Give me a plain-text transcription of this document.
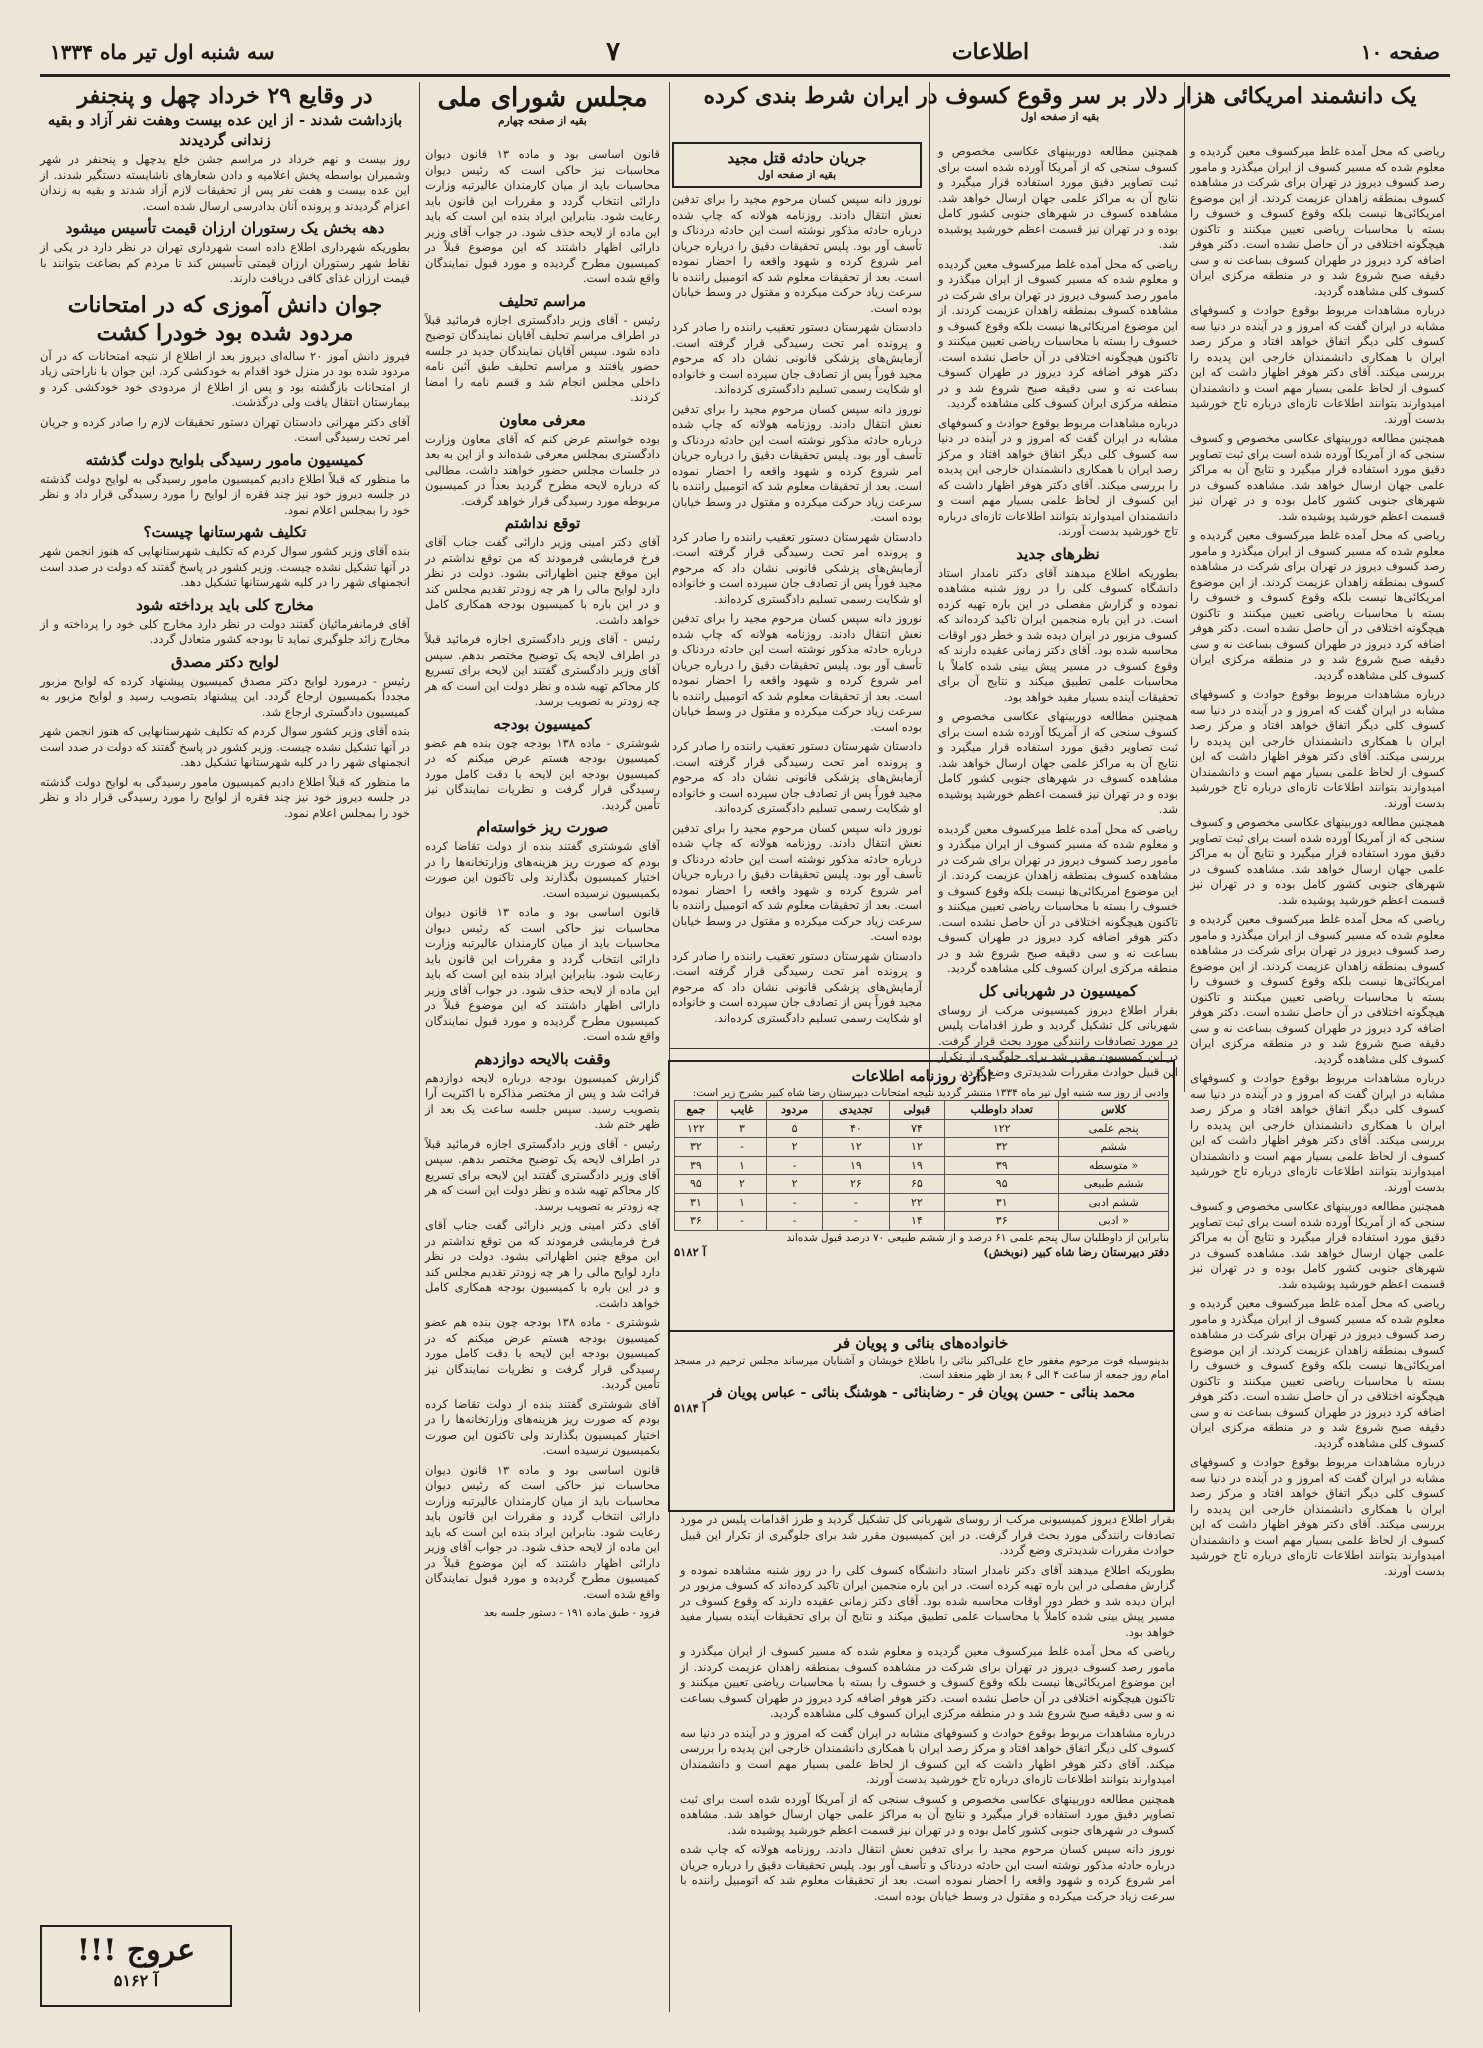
صفحه ۱۰
اطلاعات
۷
سه شنبه اول تیر ماه ۱۳۳۴
یک دانشمند امریکائی هزار دلار بر سر وقوع کسوف در ایران شرط بندی کرده
بقیه از صفحه اول

ریاضی که محل آمده غلط میرکسوف معین گردیده و معلوم شده که مسیر کسوف از ایران میگذرد و مامور رصد کسوف دیروز در تهران برای شرکت در مشاهده کسوف بمنطقه زاهدان عزیمت کردند. از این موضوع امریکائی‌ها نیست بلکه وقوع کسوف و خسوف را بسته با محاسبات ریاضی تعیین میکنند و تاکنون هیچگونه اختلافی در آن حاصل نشده است. دکتر هوفر اضافه کرد دیروز در طهران کسوف بساعت نه و سی دقیقه صبح شروع شد و در منطقه مرکزی ایران کسوف کلی مشاهده گردید.

درباره مشاهدات مربوط بوقوع حوادث و کسوفهای مشابه در ایران گفت که امروز و در آینده در دنیا سه کسوف کلی دیگر اتفاق خواهد افتاد و مرکز رصد ایران با همکاری دانشمندان خارجی این پدیده را بررسی میکند. آقای دکتر هوفر اظهار داشت که این کسوف از لحاظ علمی بسیار مهم است و دانشمندان امیدوارند بتوانند اطلاعات تازه‌ای درباره تاج خورشید بدست آورند.

همچنین مطالعه دوربینهای عکاسی مخصوص و کسوف سنجی که از آمریکا آورده شده است برای ثبت تصاویر دقیق مورد استفاده قرار میگیرد و نتایج آن به مراکز علمی جهان ارسال خواهد شد. مشاهده کسوف در شهرهای جنوبی کشور کامل بوده و در تهران نیز قسمت اعظم خورشید پوشیده شد.

ریاضی که محل آمده غلط میرکسوف معین گردیده و معلوم شده که مسیر کسوف از ایران میگذرد و مامور رصد کسوف دیروز در تهران برای شرکت در مشاهده کسوف بمنطقه زاهدان عزیمت کردند. از این موضوع امریکائی‌ها نیست بلکه وقوع کسوف و خسوف را بسته با محاسبات ریاضی تعیین میکنند و تاکنون هیچگونه اختلافی در آن حاصل نشده است. دکتر هوفر اضافه کرد دیروز در طهران کسوف بساعت نه و سی دقیقه صبح شروع شد و در منطقه مرکزی ایران کسوف کلی مشاهده گردید.

درباره مشاهدات مربوط بوقوع حوادث و کسوفهای مشابه در ایران گفت که امروز و در آینده در دنیا سه کسوف کلی دیگر اتفاق خواهد افتاد و مرکز رصد ایران با همکاری دانشمندان خارجی این پدیده را بررسی میکند. آقای دکتر هوفر اظهار داشت که این کسوف از لحاظ علمی بسیار مهم است و دانشمندان امیدوارند بتوانند اطلاعات تازه‌ای درباره تاج خورشید بدست آورند.

همچنین مطالعه دوربینهای عکاسی مخصوص و کسوف سنجی که از آمریکا آورده شده است برای ثبت تصاویر دقیق مورد استفاده قرار میگیرد و نتایج آن به مراکز علمی جهان ارسال خواهد شد. مشاهده کسوف در شهرهای جنوبی کشور کامل بوده و در تهران نیز قسمت اعظم خورشید پوشیده شد.

ریاضی که محل آمده غلط میرکسوف معین گردیده و معلوم شده که مسیر کسوف از ایران میگذرد و مامور رصد کسوف دیروز در تهران برای شرکت در مشاهده کسوف بمنطقه زاهدان عزیمت کردند. از این موضوع امریکائی‌ها نیست بلکه وقوع کسوف و خسوف را بسته با محاسبات ریاضی تعیین میکنند و تاکنون هیچگونه اختلافی در آن حاصل نشده است. دکتر هوفر اضافه کرد دیروز در طهران کسوف بساعت نه و سی دقیقه صبح شروع شد و در منطقه مرکزی ایران کسوف کلی مشاهده گردید.

درباره مشاهدات مربوط بوقوع حوادث و کسوفهای مشابه در ایران گفت که امروز و در آینده در دنیا سه کسوف کلی دیگر اتفاق خواهد افتاد و مرکز رصد ایران با همکاری دانشمندان خارجی این پدیده را بررسی میکند. آقای دکتر هوفر اظهار داشت که این کسوف از لحاظ علمی بسیار مهم است و دانشمندان امیدوارند بتوانند اطلاعات تازه‌ای درباره تاج خورشید بدست آورند.

همچنین مطالعه دوربینهای عکاسی مخصوص و کسوف سنجی که از آمریکا آورده شده است برای ثبت تصاویر دقیق مورد استفاده قرار میگیرد و نتایج آن به مراکز علمی جهان ارسال خواهد شد. مشاهده کسوف در شهرهای جنوبی کشور کامل بوده و در تهران نیز قسمت اعظم خورشید پوشیده شد.

ریاضی که محل آمده غلط میرکسوف معین گردیده و معلوم شده که مسیر کسوف از ایران میگذرد و مامور رصد کسوف دیروز در تهران برای شرکت در مشاهده کسوف بمنطقه زاهدان عزیمت کردند. از این موضوع امریکائی‌ها نیست بلکه وقوع کسوف و خسوف را بسته با محاسبات ریاضی تعیین میکنند و تاکنون هیچگونه اختلافی در آن حاصل نشده است. دکتر هوفر اضافه کرد دیروز در طهران کسوف بساعت نه و سی دقیقه صبح شروع شد و در منطقه مرکزی ایران کسوف کلی مشاهده گردید.

درباره مشاهدات مربوط بوقوع حوادث و کسوفهای مشابه در ایران گفت که امروز و در آینده در دنیا سه کسوف کلی دیگر اتفاق خواهد افتاد و مرکز رصد ایران با همکاری دانشمندان خارجی این پدیده را بررسی میکند. آقای دکتر هوفر اظهار داشت که این کسوف از لحاظ علمی بسیار مهم است و دانشمندان امیدوارند بتوانند اطلاعات تازه‌ای درباره تاج خورشید بدست آورند.

همچنین مطالعه دوربینهای عکاسی مخصوص و کسوف سنجی که از آمریکا آورده شده است برای ثبت تصاویر دقیق مورد استفاده قرار میگیرد و نتایج آن به مراکز علمی جهان ارسال خواهد شد. مشاهده کسوف در شهرهای جنوبی کشور کامل بوده و در تهران نیز قسمت اعظم خورشید پوشیده شد.

ریاضی که محل آمده غلط میرکسوف معین گردیده و معلوم شده که مسیر کسوف از ایران میگذرد و مامور رصد کسوف دیروز در تهران برای شرکت در مشاهده کسوف بمنطقه زاهدان عزیمت کردند. از این موضوع امریکائی‌ها نیست بلکه وقوع کسوف و خسوف را بسته با محاسبات ریاضی تعیین میکنند و تاکنون هیچگونه اختلافی در آن حاصل نشده است. دکتر هوفر اضافه کرد دیروز در طهران کسوف بساعت نه و سی دقیقه صبح شروع شد و در منطقه مرکزی ایران کسوف کلی مشاهده گردید.

درباره مشاهدات مربوط بوقوع حوادث و کسوفهای مشابه در ایران گفت که امروز و در آینده در دنیا سه کسوف کلی دیگر اتفاق خواهد افتاد و مرکز رصد ایران با همکاری دانشمندان خارجی این پدیده را بررسی میکند. آقای دکتر هوفر اظهار داشت که این کسوف از لحاظ علمی بسیار مهم است و دانشمندان امیدوارند بتوانند اطلاعات تازه‌ای درباره تاج خورشید بدست آورند.

نظرهای جدید

بطوریکه اطلاع میدهند آقای دکتر نامدار استاد دانشگاه کسوف کلی را در روز شنبه مشاهده نموده و گزارش مفصلی در این باره تهیه کرده است. در این باره منجمین ایران تاکید کرده‌اند که کسوف مزبور در ایران دیده شد و خطر دور اوقات محاسبه شده بود. آقای دکتر زمانی عقیده دارند که وقوع کسوف در مسیر پیش بینی شده کاملاً با محاسبات علمی تطبیق میکند و نتایج آن برای تحقیقات آینده بسیار مفید خواهد بود.

همچنین مطالعه دوربینهای عکاسی مخصوص و کسوف سنجی که از آمریکا آورده شده است برای ثبت تصاویر دقیق مورد استفاده قرار میگیرد و نتایج آن به مراکز علمی جهان ارسال خواهد شد. مشاهده کسوف در شهرهای جنوبی کشور کامل بوده و در تهران نیز قسمت اعظم خورشید پوشیده شد.

ریاضی که محل آمده غلط میرکسوف معین گردیده و معلوم شده که مسیر کسوف از ایران میگذرد و مامور رصد کسوف دیروز در تهران برای شرکت در مشاهده کسوف بمنطقه زاهدان عزیمت کردند. از این موضوع امریکائی‌ها نیست بلکه وقوع کسوف و خسوف را بسته با محاسبات ریاضی تعیین میکنند و تاکنون هیچگونه اختلافی در آن حاصل نشده است. دکتر هوفر اضافه کرد دیروز در طهران کسوف بساعت نه و سی دقیقه صبح شروع شد و در منطقه مرکزی ایران کسوف کلی مشاهده گردید.

کمیسیون در شهربانی کل

بقرار اطلاع دیروز کمیسیونی مرکب از روسای شهربانی کل تشکیل گردید و طرز اقدامات پلیس در مورد تصادفات رانندگی مورد بحث قرار گرفت. در این کمیسیون مقرر شد برای جلوگیری از تکرار این قبیل حوادث مقررات شدیدتری وضع گردد.

جریان حادثه قتل مجید
بقیه از صفحه اول

نوروز دانه سپس کسان مرحوم مجید را برای تدفین نعش انتقال دادند. روزنامه هولانه که چاپ شده درباره حادثه مذکور نوشته است این حادثه دردناک و تأسف آور بود. پلیس تحقیقات دقیق را درباره جریان امر شروع کرده و شهود واقعه را احضار نموده است. بعد از تحقیقات معلوم شد که اتومبیل راننده با سرعت زیاد حرکت میکرده و مقتول در وسط خیابان بوده است.

دادستان شهرستان دستور تعقیب راننده را صادر کرد و پرونده امر تحت رسیدگی قرار گرفته است. آزمایش‌های پزشکی قانونی نشان داد که مرحوم مجید فوراً پس از تصادف جان سپرده است و خانواده او شکایت رسمی تسلیم دادگستری کرده‌اند.

نوروز دانه سپس کسان مرحوم مجید را برای تدفین نعش انتقال دادند. روزنامه هولانه که چاپ شده درباره حادثه مذکور نوشته است این حادثه دردناک و تأسف آور بود. پلیس تحقیقات دقیق را درباره جریان امر شروع کرده و شهود واقعه را احضار نموده است. بعد از تحقیقات معلوم شد که اتومبیل راننده با سرعت زیاد حرکت میکرده و مقتول در وسط خیابان بوده است.

دادستان شهرستان دستور تعقیب راننده را صادر کرد و پرونده امر تحت رسیدگی قرار گرفته است. آزمایش‌های پزشکی قانونی نشان داد که مرحوم مجید فوراً پس از تصادف جان سپرده است و خانواده او شکایت رسمی تسلیم دادگستری کرده‌اند.

نوروز دانه سپس کسان مرحوم مجید را برای تدفین نعش انتقال دادند. روزنامه هولانه که چاپ شده درباره حادثه مذکور نوشته است این حادثه دردناک و تأسف آور بود. پلیس تحقیقات دقیق را درباره جریان امر شروع کرده و شهود واقعه را احضار نموده است. بعد از تحقیقات معلوم شد که اتومبیل راننده با سرعت زیاد حرکت میکرده و مقتول در وسط خیابان بوده است.

دادستان شهرستان دستور تعقیب راننده را صادر کرد و پرونده امر تحت رسیدگی قرار گرفته است. آزمایش‌های پزشکی قانونی نشان داد که مرحوم مجید فوراً پس از تصادف جان سپرده است و خانواده او شکایت رسمی تسلیم دادگستری کرده‌اند.

نوروز دانه سپس کسان مرحوم مجید را برای تدفین نعش انتقال دادند. روزنامه هولانه که چاپ شده درباره حادثه مذکور نوشته است این حادثه دردناک و تأسف آور بود. پلیس تحقیقات دقیق را درباره جریان امر شروع کرده و شهود واقعه را احضار نموده است. بعد از تحقیقات معلوم شد که اتومبیل راننده با سرعت زیاد حرکت میکرده و مقتول در وسط خیابان بوده است.

دادستان شهرستان دستور تعقیب راننده را صادر کرد و پرونده امر تحت رسیدگی قرار گرفته است. آزمایش‌های پزشکی قانونی نشان داد که مرحوم مجید فوراً پس از تصادف جان سپرده است و خانواده او شکایت رسمی تسلیم دادگستری کرده‌اند.

اداره روزنامه اطلاعات
وادبی از روز سه شنبه اول تیر ماه ۱۳۳۴ منتشر گردید نتیجه امتحانات دبیرستان رضا شاه کبیر بشرح زیر است:
کلاس	تعداد داوطلب	قبولی	تجدیدی	مردود	غایب	جمع
پنجم علمی	۱۲۲	۷۴	۴۰	۵	۳	۱۲۲
ششم	۳۲	۱۲	۱۲	۲	-	۳۲
« متوسطه	۳۹	۱۹	۱۹	-	۱	۳۹
ششم طبیعی	۹۵	۶۵	۲۶	۲	۲	۹۵
ششم ادبی	۳۱	۲۲	-	-	۱	۳۱
« ادبی	۳۶	۱۴	-	-	-	۳۶
بنابراین از داوطلبان سال پنجم علمی ۶۱ درصد و از ششم طبیعی ۷۰ درصد قبول شده‌اند
دفتر دبیرستان رضا شاه کبیر (نوبخش)
آ ۵۱۸۲
خانواده‌های بنائی و پویان فر

بدینوسیله فوت مرحوم مغفور حاج علی‌اکبر بنائی را باطلاع خویشان و آشنایان میرساند مجلس ترحیم در مسجد امام روز جمعه از ساعت ۴ الی ۶ بعد از ظهر منعقد است.

محمد بنائی - حسن پویان فر - رضابنائی - هوشنگ بنائی - عباس پویان فر
آ ۵۱۸۴

بقرار اطلاع دیروز کمیسیونی مرکب از روسای شهربانی کل تشکیل گردید و طرز اقدامات پلیس در مورد تصادفات رانندگی مورد بحث قرار گرفت. در این کمیسیون مقرر شد برای جلوگیری از تکرار این قبیل حوادث مقررات شدیدتری وضع گردد.

بطوریکه اطلاع میدهند آقای دکتر نامدار استاد دانشگاه کسوف کلی را در روز شنبه مشاهده نموده و گزارش مفصلی در این باره تهیه کرده است. در این باره منجمین ایران تاکید کرده‌اند که کسوف مزبور در ایران دیده شد و خطر دور اوقات محاسبه شده بود. آقای دکتر زمانی عقیده دارند که وقوع کسوف در مسیر پیش بینی شده کاملاً با محاسبات علمی تطبیق میکند و نتایج آن برای تحقیقات آینده بسیار مفید خواهد بود.

ریاضی که محل آمده غلط میرکسوف معین گردیده و معلوم شده که مسیر کسوف از ایران میگذرد و مامور رصد کسوف دیروز در تهران برای شرکت در مشاهده کسوف بمنطقه زاهدان عزیمت کردند. از این موضوع امریکائی‌ها نیست بلکه وقوع کسوف و خسوف را بسته با محاسبات ریاضی تعیین میکنند و تاکنون هیچگونه اختلافی در آن حاصل نشده است. دکتر هوفر اضافه کرد دیروز در طهران کسوف بساعت نه و سی دقیقه صبح شروع شد و در منطقه مرکزی ایران کسوف کلی مشاهده گردید.

درباره مشاهدات مربوط بوقوع حوادث و کسوفهای مشابه در ایران گفت که امروز و در آینده در دنیا سه کسوف کلی دیگر اتفاق خواهد افتاد و مرکز رصد ایران با همکاری دانشمندان خارجی این پدیده را بررسی میکند. آقای دکتر هوفر اظهار داشت که این کسوف از لحاظ علمی بسیار مهم است و دانشمندان امیدوارند بتوانند اطلاعات تازه‌ای درباره تاج خورشید بدست آورند.

همچنین مطالعه دوربینهای عکاسی مخصوص و کسوف سنجی که از آمریکا آورده شده است برای ثبت تصاویر دقیق مورد استفاده قرار میگیرد و نتایج آن به مراکز علمی جهان ارسال خواهد شد. مشاهده کسوف در شهرهای جنوبی کشور کامل بوده و در تهران نیز قسمت اعظم خورشید پوشیده شد.

نوروز دانه سپس کسان مرحوم مجید را برای تدفین نعش انتقال دادند. روزنامه هولانه که چاپ شده درباره حادثه مذکور نوشته است این حادثه دردناک و تأسف آور بود. پلیس تحقیقات دقیق را درباره جریان امر شروع کرده و شهود واقعه را احضار نموده است. بعد از تحقیقات معلوم شد که اتومبیل راننده با سرعت زیاد حرکت میکرده و مقتول در وسط خیابان بوده است.

مجلس شورای ملی
بقیه از صفحه چهارم

قانون اساسی بود و ماده ۱۳ قانون دیوان محاسبات نیز حاکی است که رئیس دیوان محاسبات باید از میان کارمندان عالیرتبه وزارت دارائی انتخاب گردد و مقررات این قانون باید رعایت شود. بنابراین ایراد بنده این است که باید این ماده از لایحه حذف شود. در جواب آقای وزیر دارائی اظهار داشتند که این موضوع قبلاً در کمیسیون مطرح گردیده و مورد قبول نمایندگان واقع شده است.

مراسم تحلیف

رئیس - آقای وزیر دادگستری اجازه فرمائید قبلاً در اطراف مراسم تحلیف آقایان نمایندگان توضیح داده شود. سپس آقایان نمایندگان جدید در جلسه حضور یافتند و مراسم تحلیف طبق آئین نامه داخلی مجلس انجام شد و قسم نامه را امضا کردند.

معرفی معاون

بوده خواستم عرض کنم که آقای معاون وزارت دادگستری بمجلس معرفی شده‌اند و از این به بعد در جلسات مجلس حضور خواهند داشت. مطالبی که درباره لایحه مطرح گردید بعداً در کمیسیون مربوطه مورد رسیدگی قرار خواهد گرفت.

توقع نداشتم

آقای دکتر امینی وزیر دارائی گفت جناب آقای فرخ فرمایشی فرمودند که من توقع نداشتم در این موقع چنین اظهاراتی بشود. دولت در نظر دارد لوایح مالی را هر چه زودتر تقدیم مجلس کند و در این باره با کمیسیون بودجه همکاری کامل خواهد داشت.

رئیس - آقای وزیر دادگستری اجازه فرمائید قبلاً در اطراف لایحه یک توضیح مختصر بدهم. سپس آقای وزیر دادگستری گفتند این لایحه برای تسریع کار محاکم تهیه شده و نظر دولت این است که هر چه زودتر به تصویب برسد.

کمیسیون بودجه

شوشتری - ماده ۱۳۸ بودجه چون بنده هم عضو کمیسیون بودجه هستم عرض میکنم که در کمیسیون بودجه این لایحه با دقت کامل مورد رسیدگی قرار گرفت و نظریات نمایندگان نیز تأمین گردید.

صورت ریز خواسته‌ام

آقای شوشتری گفتند بنده از دولت تقاضا کرده بودم که صورت ریز هزینه‌های وزارتخانه‌ها را در اختیار کمیسیون بگذارند ولی تاکنون این صورت بکمیسیون نرسیده است.

قانون اساسی بود و ماده ۱۳ قانون دیوان محاسبات نیز حاکی است که رئیس دیوان محاسبات باید از میان کارمندان عالیرتبه وزارت دارائی انتخاب گردد و مقررات این قانون باید رعایت شود. بنابراین ایراد بنده این است که باید این ماده از لایحه حذف شود. در جواب آقای وزیر دارائی اظهار داشتند که این موضوع قبلاً در کمیسیون مطرح گردیده و مورد قبول نمایندگان واقع شده است.

وقفت بالایحه دوازدهم

گزارش کمیسیون بودجه درباره لایحه دوازدهم قرائت شد و پس از مختصر مذاکره با اکثریت آرا بتصویب رسید. سپس جلسه ساعت یک بعد از ظهر ختم شد.

رئیس - آقای وزیر دادگستری اجازه فرمائید قبلاً در اطراف لایحه یک توضیح مختصر بدهم. سپس آقای وزیر دادگستری گفتند این لایحه برای تسریع کار محاکم تهیه شده و نظر دولت این است که هر چه زودتر به تصویب برسد.

آقای دکتر امینی وزیر دارائی گفت جناب آقای فرخ فرمایشی فرمودند که من توقع نداشتم در این موقع چنین اظهاراتی بشود. دولت در نظر دارد لوایح مالی را هر چه زودتر تقدیم مجلس کند و در این باره با کمیسیون بودجه همکاری کامل خواهد داشت.

شوشتری - ماده ۱۳۸ بودجه چون بنده هم عضو کمیسیون بودجه هستم عرض میکنم که در کمیسیون بودجه این لایحه با دقت کامل مورد رسیدگی قرار گرفت و نظریات نمایندگان نیز تأمین گردید.

آقای شوشتری گفتند بنده از دولت تقاضا کرده بودم که صورت ریز هزینه‌های وزارتخانه‌ها را در اختیار کمیسیون بگذارند ولی تاکنون این صورت بکمیسیون نرسیده است.

قانون اساسی بود و ماده ۱۳ قانون دیوان محاسبات نیز حاکی است که رئیس دیوان محاسبات باید از میان کارمندان عالیرتبه وزارت دارائی انتخاب گردد و مقررات این قانون باید رعایت شود. بنابراین ایراد بنده این است که باید این ماده از لایحه حذف شود. در جواب آقای وزیر دارائی اظهار داشتند که این موضوع قبلاً در کمیسیون مطرح گردیده و مورد قبول نمایندگان واقع شده است.

فرود - طبق ماده ۱۹۱ - دستور جلسه بعد
در وقایع ۲۹ خرداد چهل و پنجنفر
بازداشت شدند - از این عده بیست وهفت نفر آزاد و بقیه زندانی گردیدند

روز بیست و نهم خرداد در مراسم جشن خلع یدچهل و پنجنفر در شهر وشمیران بواسطه پخش اعلامیه و دادن شعارهای ناشایسته دستگیر شدند. از این عده بیست و هفت نفر پس از تحقیقات لازم آزاد شدند و بقیه به زندان اعزام گردیدند و پرونده آنان بدادرسی ارسال شده است.

دهه بخش یک رستوران ارزان قیمت تأسیس میشود

بطوریکه شهرداری اطلاع داده است شهرداری تهران در نظر دارد در یکی از نقاط شهر رستوران ارزان قیمتی تأسیس کند تا مردم کم بضاعت بتوانند با قیمت ارزان غذای کافی دریافت دارند.

جوان دانش آموزی که در امتحانات مردود شده بود خودرا کشت

فیروز دانش آموز ۲۰ ساله‌ای دیروز بعد از اطلاع از نتیجه امتحانات که در آن مردود شده بود در منزل خود اقدام به خودکشی کرد. این جوان با ناراحتی زیاد از امتحانات بازگشته بود و پس از اطلاع از مردودی خود خودکشی کرد و بیمارستان انتقال یافت ولی درگذشت.

آقای دکتر مهرانی دادستان تهران دستور تحقیقات لازم را صادر کرده و جریان امر تحت رسیدگی است.

کمیسیون مامور رسیدگی بلوایح دولت گذشته

ما منظور که قبلاً اطلاع دادیم کمیسیون مامور رسیدگی به لوایح دولت گذشته در جلسه دیروز خود نیز چند فقره از لوایح را مورد رسیدگی قرار داد و نظر خود را بمجلس اعلام نمود.

تکلیف شهرستانها چیست؟

بنده آقای وزیر کشور سوال کردم که تکلیف شهرستانهایی که هنوز انجمن شهر در آنها تشکیل نشده چیست. وزیر کشور در پاسخ گفتند که دولت در صدد است انجمنهای شهر را در کلیه شهرستانها تشکیل دهد.

مخارج کلی باید برداخته شود

آقای فرمانفرمائیان گفتند دولت در نظر دارد مخارج کلی خود را پرداخته و از مخارج زائد جلوگیری نماید تا بودجه کشور متعادل گردد.

لوایح دکتر مصدق

رئیس - درمورد لوایح دکتر مصدق کمیسیون پیشنهاد کرده که لوایح مزبور مجدداً بکمیسیون ارجاع گردد. این پیشنهاد بتصویب رسید و لوایح مزبور به کمیسیون دادگستری ارجاع شد.

بنده آقای وزیر کشور سوال کردم که تکلیف شهرستانهایی که هنوز انجمن شهر در آنها تشکیل نشده چیست. وزیر کشور در پاسخ گفتند که دولت در صدد است انجمنهای شهر را در کلیه شهرستانها تشکیل دهد.

ما منظور که قبلاً اطلاع دادیم کمیسیون مامور رسیدگی به لوایح دولت گذشته در جلسه دیروز خود نیز چند فقره از لوایح را مورد رسیدگی قرار داد و نظر خود را بمجلس اعلام نمود.

عروج !!!
آ ۵۱۶۲
